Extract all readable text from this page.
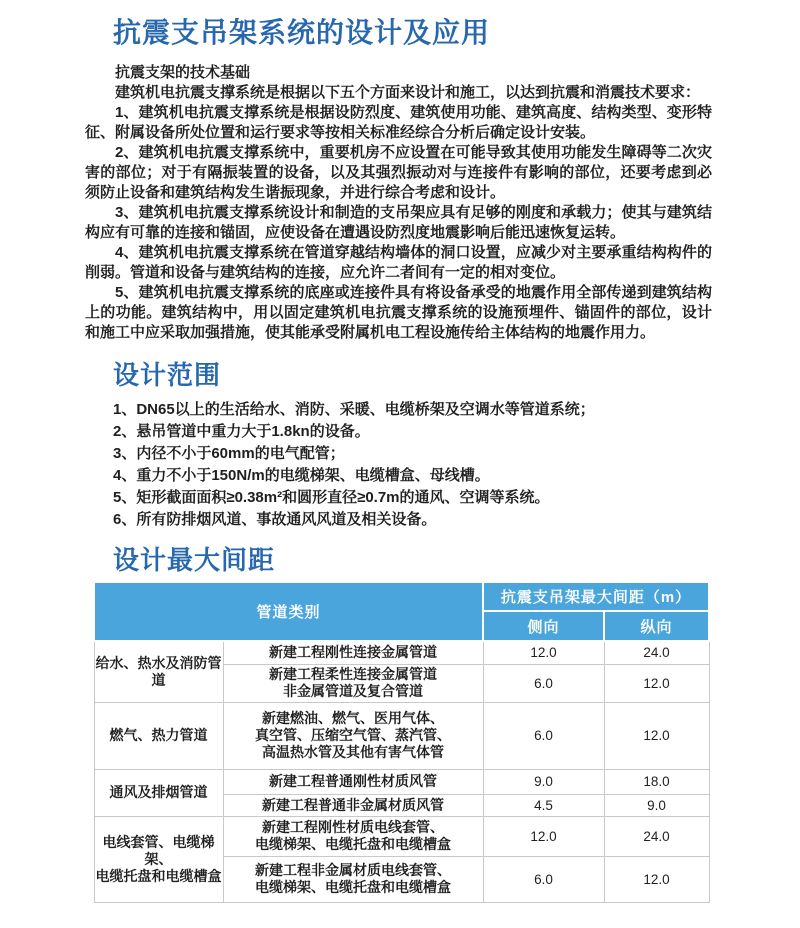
抗震支吊架系统的设计及应用

抗震支架的技术基础

建筑机电抗震支撑系统是根据以下五个方面来设计和施工，以达到抗震和消震技术要求：

1、建筑机电抗震支撑系统是根据设防烈度、建筑使用功能、建筑高度、结构类型、变形特征、附属设备所处位置和运行要求等按相关标准经综合分析后确定设计安装。

2、建筑机电抗震支撑系统中，重要机房不应设置在可能导致其使用功能发生障碍等二次灾害的部位；对于有隔振装置的设备，以及其强烈振动对与连接件有影响的部位，还要考虑到必须防止设备和建筑结构发生谐振现象，并进行综合考虑和设计。

3、建筑机电抗震支撑系统设计和制造的支吊架应具有足够的刚度和承载力；使其与建筑结构应有可靠的连接和锚固，应使设备在遭遇设防烈度地震影响后能迅速恢复运转。

4、建筑机电抗震支撑系统在管道穿越结构墙体的洞口设置，应减少对主要承重结构构件的削弱。管道和设备与建筑结构的连接，应允许二者间有一定的相对变位。

5、建筑机电抗震支撑系统的底座或连接件具有将设备承受的地震作用全部传递到建筑结构上的功能。建筑结构中，用以固定建筑机电抗震支撑系统的设施预埋件、锚固件的部位，设计和施工中应采取加强措施，使其能承受附属机电工程设施传给主体结构的地震作用力。

设计范围

1、DN65以上的生活给水、消防、采暖、电缆桥架及空调水等管道系统；

2、悬吊管道中重力大于1.8kn的设备。

3、内径不小于60mm的电气配管；

4、重力不小于150N/m的电缆梯架、电缆槽盒、母线槽。

5、矩形截面面积≥0.38m²和圆形直径≥0.7m的通风、空调等系统。

6、所有防排烟风道、事故通风风道及相关设备。

设计最大间距
管道类别		抗震支吊架最大间距（m）	
		侧向	纵向

给水、热水及消防管道	新建工程刚性连接金属管道	12.0	24.0

	新建工程柔性连接金属管道
非金属管道及复合管道	6.0	12.0

燃气、热力管道	新建燃油、燃气、医用气体、
真空管、压缩空气管、蒸汽管、
高温热水管及其他有害气体管	6.0	12.0

通风及排烟管道	新建工程普通刚性材质风管	9.0	18.0

	新建工程普通非金属材质风管	4.5	9.0

电线套管、电缆梯架、
电缆托盘和电缆槽盒	新建工程刚性材质电线套管、
电缆梯架、电缆托盘和电缆槽盒	12.0	24.0

	新建工程非金属材质电线套管、
电缆梯架、电缆托盘和电缆槽盒	6.0	12.0
